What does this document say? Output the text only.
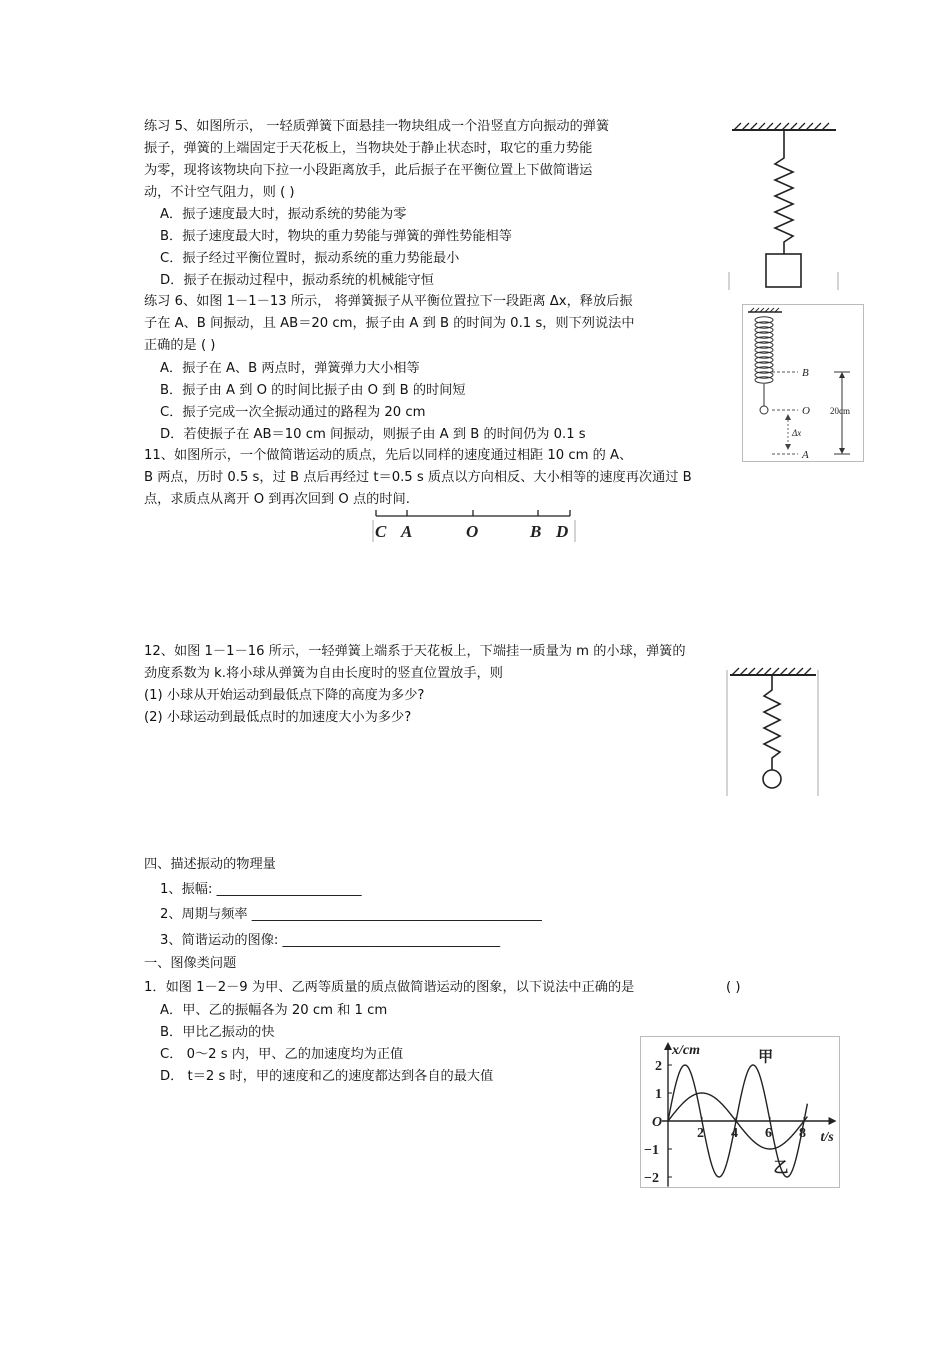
练习 5、如图所示， 一轻质弹簧下面悬挂一物块组成一个沿竖直方向振动的弹簧
振子，弹簧的上端固定于天花板上，当物块处于静止状态时，取它的重力势能
为零，现将该物块向下拉一小段距离放手，此后振子在平衡位置上下做简谐运
动，不计空气阻力，则 ( )
A．振子速度最大时，振动系统的势能为零
B．振子速度最大时，物块的重力势能与弹簧的弹性势能相等
C．振子经过平衡位置时，振动系统的重力势能最小
D．振子在振动过程中，振动系统的机械能守恒
练习 6、如图 1－1－13 所示， 将弹簧振子从平衡位置拉下一段距离 Δx，释放后振
子在 A、B 间振动，且 AB＝20 cm，振子由 A 到 B 的时间为 0.1 s，则下列说法中
正确的是 ( )
A．振子在 A、B 两点时，弹簧弹力大小相等
B．振子由 A 到 O 的时间比振子由 O 到 B 的时间短
C．振子完成一次全振动通过的路程为 20 cm
D．若使振子在 AB＝10 cm 间振动，则振子由 A 到 B 的时间仍为 0.1 s	Δx
B
O
A
20cm
11、如图所示，一个做简谐运动的质点，先后以同样的速度通过相距 10 cm 的 A、
B 两点，历时 0.5 s，过 B 点后再经过 t＝0.5 s 质点以方向相反、大小相等的速度再次通过 B
点，求质点从离开 O 到再次回到 O 点的时间.
C A	O	B D
12、如图 1－1－16 所示，一轻弹簧上端系于天花板上，下端挂一质量为 m 的小球，弹簧的
劲度系数为 k.将小球从弹簧为自由长度时的竖直位置放手，则
(1) 小球从开始运动到最低点下降的高度为多少?
(2) 小球运动到最低点时的加速度大小为多少?
四、描述振动的物理量
1、振幅: ______________________
2、周期与频率 ____________________________________________
3、简谐运动的图像: _________________________________
一、图像类问题
1．如图 1－2－9 为甲、乙两等质量的质点做简谐运动的图象，以下说法中正确的是	( )
A．甲、乙的振幅各为 20 cm 和 1 cm
B．甲比乙振动的快
C． 0～2 s 内，甲、乙的加速度均为正值
D． t＝2 s 时，甲的速度和乙的速度都达到各自的最大值
x/cm
t/s
2 4 6 8
2
1
O
−1
−2
甲
乙
